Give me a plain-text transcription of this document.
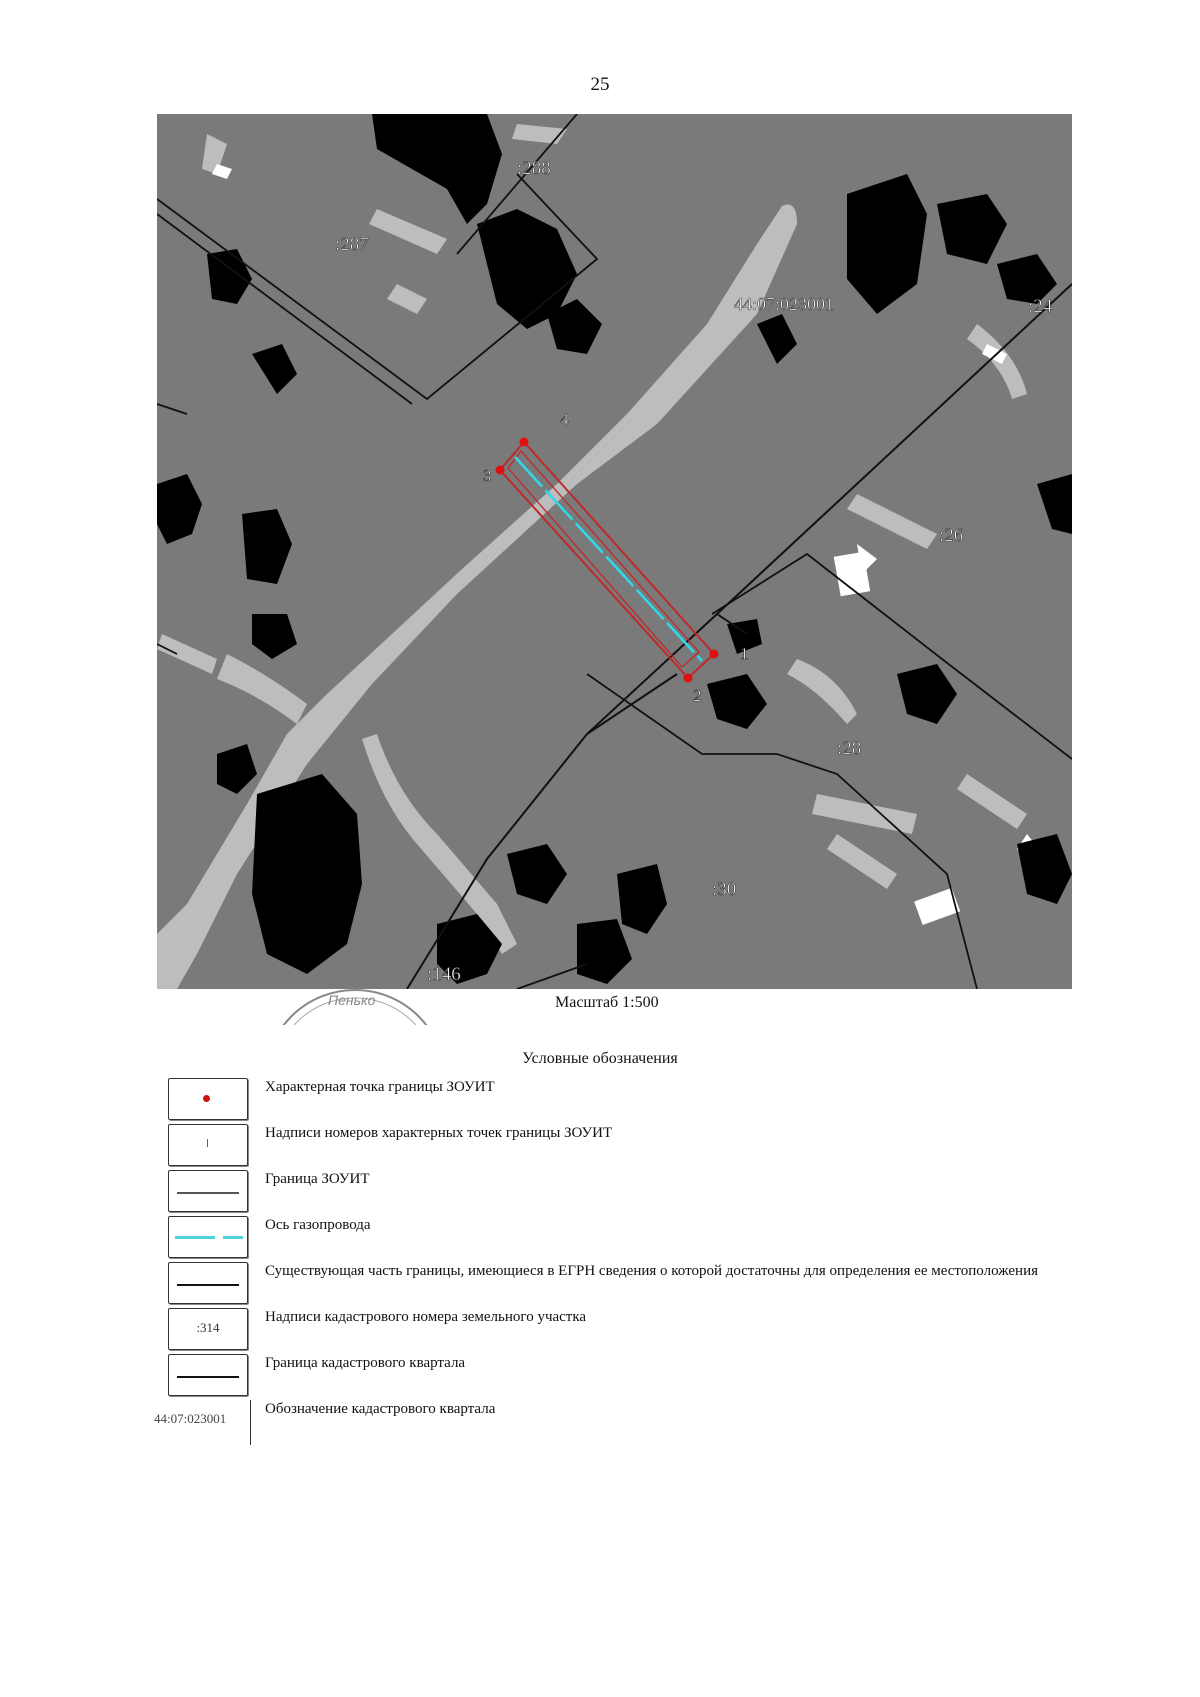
25
:288
:287
:24
:26
:28
:30
:146
44:07:023001
1
2
3
4
Пенько	Масштаб 1:500
Условные обозначения
Характерная точка границы ЗОУИТ
Надписи номеров характерных точек границы ЗОУИТ
Граница ЗОУИТ
Ось газопровода
Существующая часть границы, имеющиеся в ЕГРН сведения о которой достаточны для определения ее местоположения
:314
Надписи кадастрового номера земельного участка
Граница кадастрового квартала
44:07:023001
Обозначение кадастрового квартала
